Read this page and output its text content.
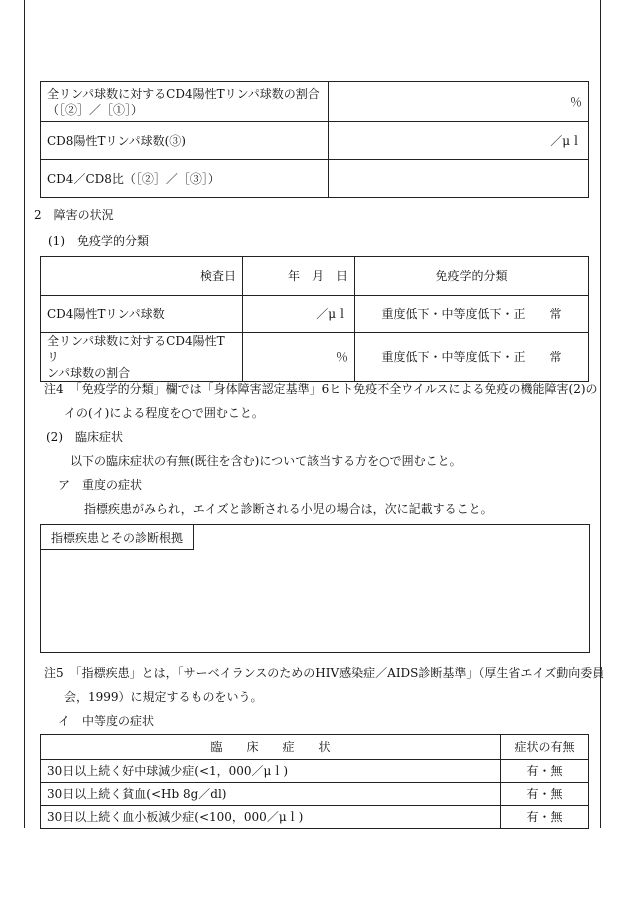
全リンパ球数に対するCD4陽性Tリンパ球数の割合
（［②］／［①］）	％
CD8陽性Tリンパ球数(③)	／μｌ
CD4／CD8比（［②］／［③］）	
2　障害の状況
(1)　免疫学的分類
検査日	年　月　日	免疫学的分類
CD4陽性Tリンパ球数	／μｌ	重度低下・中等度低下・正　　常

全リンパ球数に対するCD4陽性Tリ
ンパ球数の割合	％	重度低下・中等度低下・正　　常
注4　「免疫学的分類」欄では「身体障害認定基準」6ヒト免疫不全ウイルスによる免疫の機能障害(2)の
イの(イ)による程度を○で囲むこと。
(2)　臨床症状
以下の臨床症状の有無(既往を含む)について該当する方を○で囲むこと。
ア　重度の症状
指標疾患がみられ，エイズと診断される小児の場合は，次に記載すること。
指標疾患とその診断根拠
注5　「指標疾患」とは，「サーベイランスのためのHIV感染症／AIDS診断基準」（厚生省エイズ動向委員
会，1999）に規定するものをいう。
イ　中等度の症状
臨　　床　　症　　状	症状の有無
30日以上続く好中球減少症(<1，000／μｌ)	有・無
30日以上続く貧血(<Hb 8g／dl)	有・無
30日以上続く血小板減少症(<100，000／μｌ)	有・無
